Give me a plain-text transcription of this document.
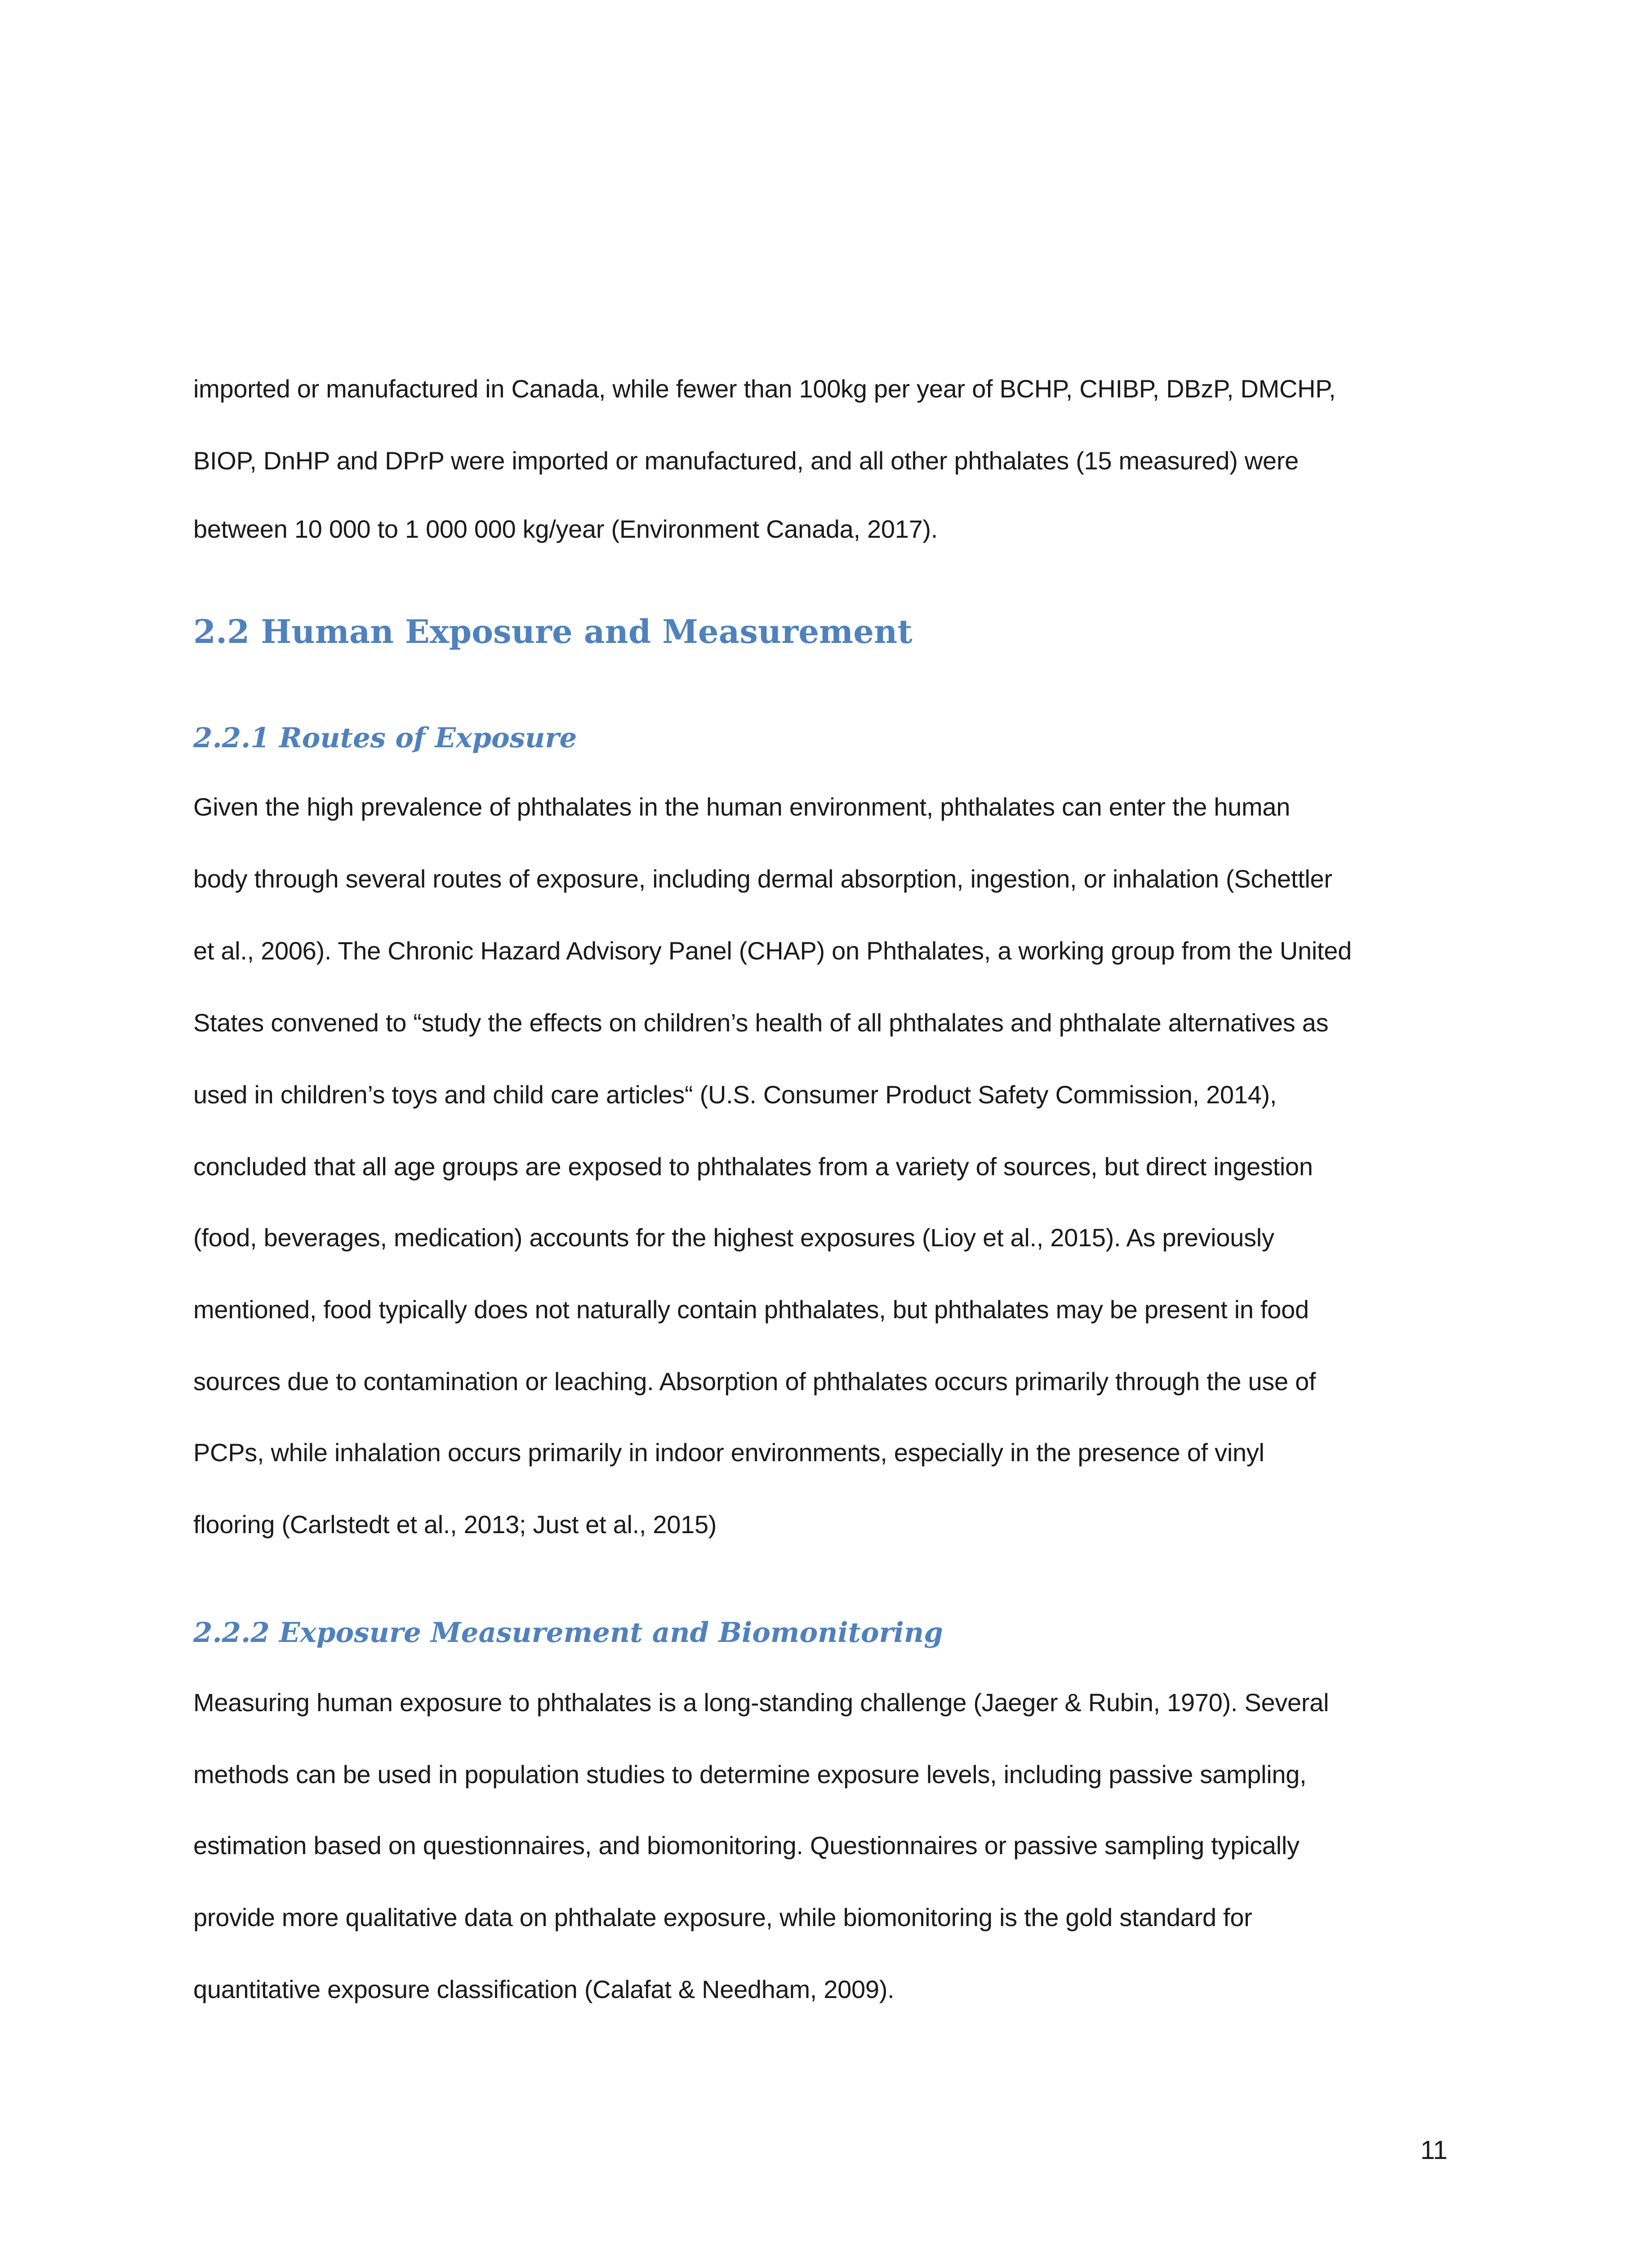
imported or manufactured in Canada, while fewer than 100kg per year of BCHP, CHIBP, DBzP, DMCHP,
BIOP, DnHP and DPrP were imported or manufactured, and all other phthalates (15 measured) were
between 10 000 to 1 000 000 kg/year (Environment Canada, 2017).
2.2 Human Exposure and Measurement
2.2.1 Routes of Exposure
Given the high prevalence of phthalates in the human environment, phthalates can enter the human
body through several routes of exposure, including dermal absorption, ingestion, or inhalation (Schettler
et al., 2006). The Chronic Hazard Advisory Panel (CHAP) on Phthalates, a working group from the United
States convened to “study the effects on children’s health of all phthalates and phthalate alternatives as
used in children’s toys and child care articles“ (U.S. Consumer Product Safety Commission, 2014),
concluded that all age groups are exposed to phthalates from a variety of sources, but direct ingestion
(food, beverages, medication) accounts for the highest exposures (Lioy et al., 2015). As previously
mentioned, food typically does not naturally contain phthalates, but phthalates may be present in food
sources due to contamination or leaching. Absorption of phthalates occurs primarily through the use of
PCPs, while inhalation occurs primarily in indoor environments, especially in the presence of vinyl
flooring (Carlstedt et al., 2013; Just et al., 2015)
2.2.2 Exposure Measurement and Biomonitoring
Measuring human exposure to phthalates is a long-standing challenge (Jaeger & Rubin, 1970). Several
methods can be used in population studies to determine exposure levels, including passive sampling,
estimation based on questionnaires, and biomonitoring. Questionnaires or passive sampling typically
provide more qualitative data on phthalate exposure, while biomonitoring is the gold standard for
quantitative exposure classification (Calafat & Needham, 2009).
11
